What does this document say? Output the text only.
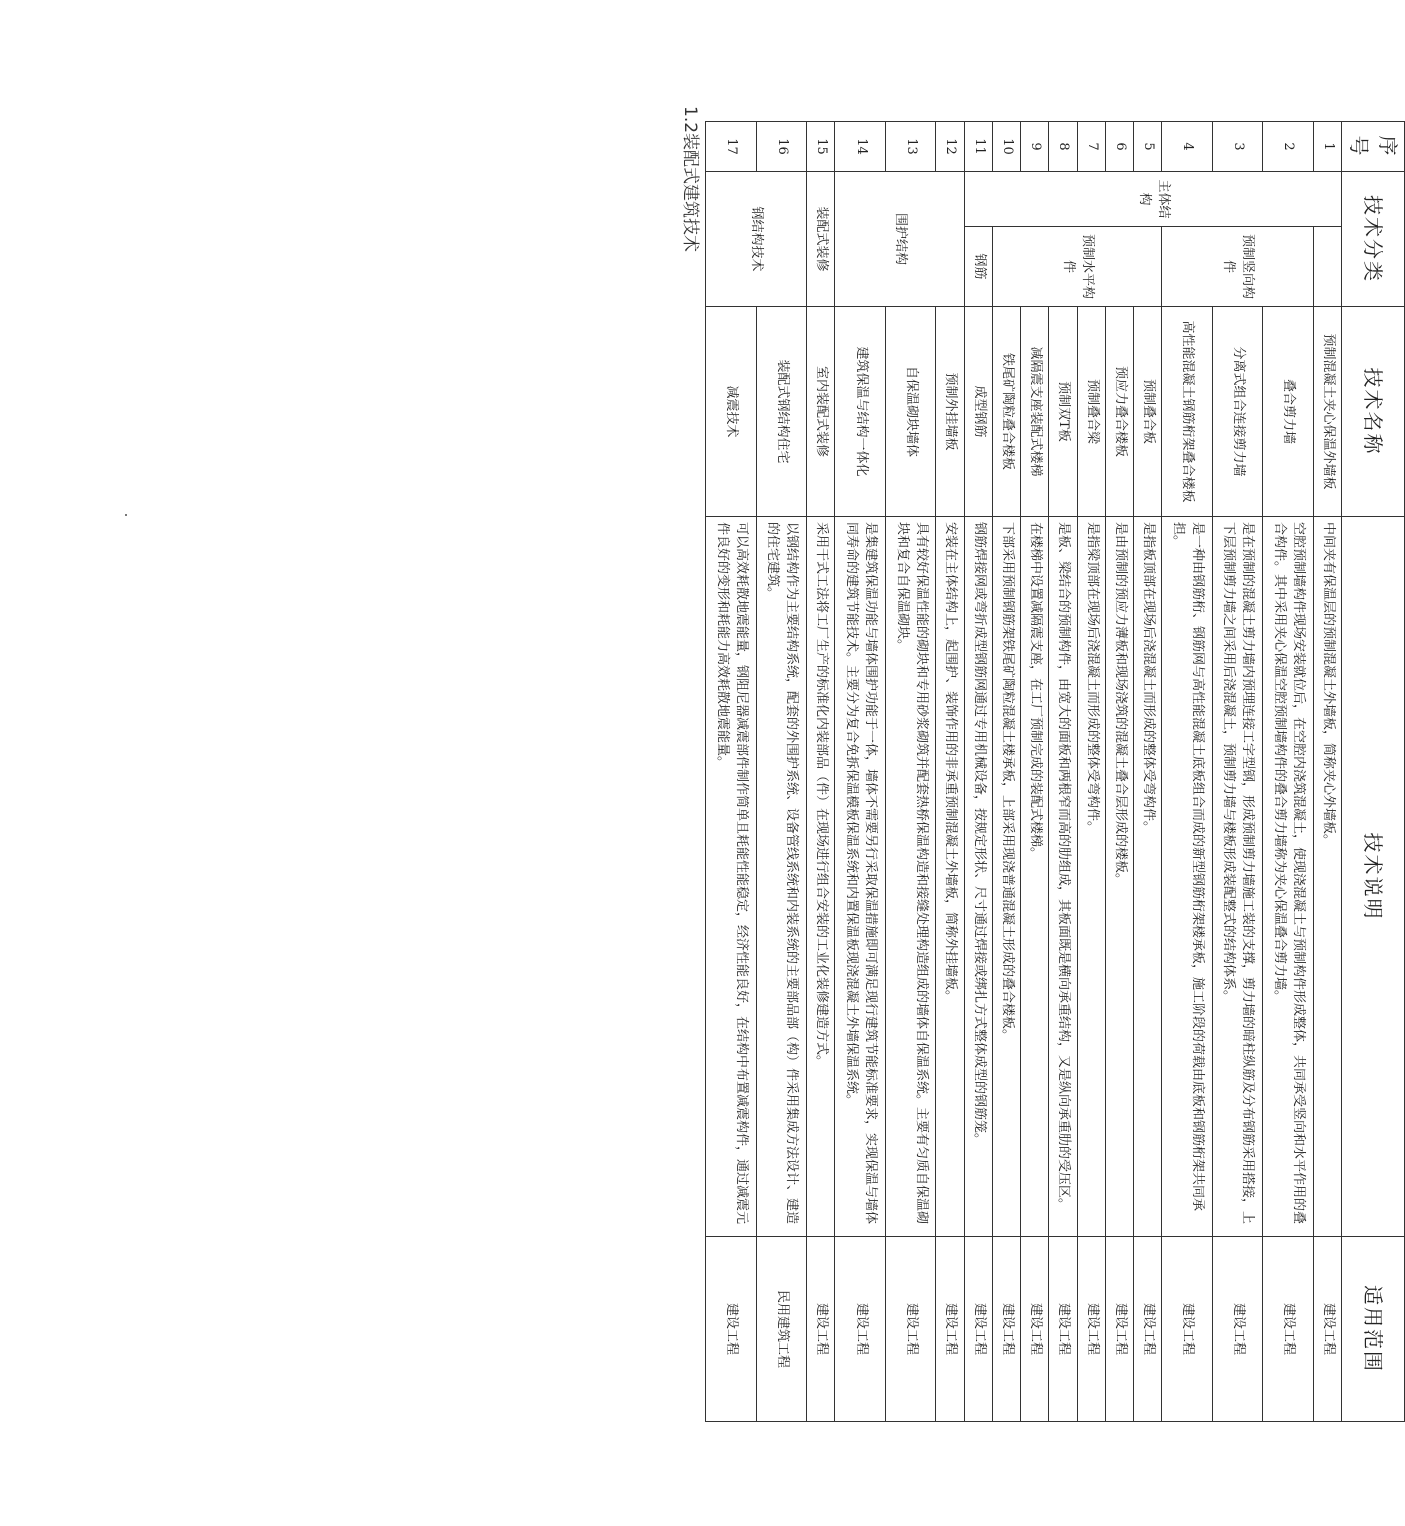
1.2装配式建筑技术	序号	技术分类		技术名称	技术说明	适用范围
1	主体结构		预制混凝土夹心保温外墙板	中间夹有保温层的预制混凝土外墙板，简称夹心外墙板。	建设工程
2		预制竖向构件	叠合剪力墙	空腔预制墙构件现场安装就位后，在空腔内浇筑混凝土，使现浇混凝土与预制构件形成整体，共同承受竖向和水平作用的叠合构件。其中采用夹心保温空腔预制墙构件的叠合剪力墙称为夹心保温叠合剪力墙。	建设工程
3			分离式组合连接剪力墙	是在预制的混凝土剪力墙内预埋连接工字型钢，形成预制剪力墙施工装的支撑，剪力墙的暗柱纵筋及分布钢筋采用搭接，上下层预制剪力墙之间采用后浇混凝土，预制剪力墙与楼板形成装配整式的结构体系。	建设工程
4			高性能混凝土钢筋桁架叠合楼板	是一种由钢筋桁、钢筋网与高性能混凝土底板组合而成的新型钢筋桁架楼承板，施工阶段的荷载由底板和钢筋桁架共同承担。	建设工程
5		预制水平构件	预制叠合板	是指板顶部在现场后浇混凝土而形成的整体受弯构件。	建设工程
6			预应力叠合楼板	是由预制的预应力薄板和现场浇筑的混凝土叠合层形成的楼板。	建设工程
7			预制叠合梁	是指梁顶部在现场后浇混凝土而形成的整体受弯构件。	建设工程
8			预制双T板	是板、梁结合的预制构件，由宽大的面板和两根窄而高的肋组成，其板面既是横向承重结构，又是纵向承重肋的受压区。	建设工程
9			减隔震支座装配式楼梯	在楼梯中设置减隔震支座，在工厂预制完成的装配式楼梯。	建设工程
10			铁尾矿陶粒叠合楼板	下部采用预制钢筋架铁尾矿陶粒混凝土楼承板，上部采用现浇普通混凝土形成的叠合楼板。	建设工程
11		钢筋	成型钢筋	钢筋焊接网或弯折成型钢筋网通过专用机械设备，按规定形状、尺寸通过焊接或绑扎方式整体成型的钢筋笼。	建设工程
12	围护结构		预制外挂墙板	安装在主体结构上，起围护、装饰作用的非承重预制混凝土外墙板，简称外挂墙板。	建设工程
13			自保温砌块墙体	具有较好保温性能的砌块和专用砂浆砌筑并配套热桥保温构造和接缝处理构造组成的墙体自保温系统。主要有匀质自保温砌块和复合自保温砌块。	建设工程
14			建筑保温与结构一体化	是集建筑保温功能与墙体围护功能于一体，墙体不需要另行采取保温措施即可满足现行建筑节能标准要求，实现保温与墙体同寿命的建筑节能技术。主要分为复合免拆保温模板保温系统和内置保温板现浇混凝土外墙保温系统。	建设工程
15	装配式装修		室内装配式装修	采用干式工法将工厂生产的标准化内装部品（件）在现场进行组合安装的工业化装修建造方式。	建设工程
16	钢结构技术		装配式钢结构住宅	以钢结构作为主要结构系统，配套的外围护系统、设备管线系统和内装系统的主要部品部（构）件采用集成方法设计、建造的住宅建筑。	民用建筑工程
17			减震技术	可以高效耗散地震能量，钢阻尼器减震部件制作简单且耗能性能稳定，经济性能良好，在结构中布置减震构件，通过减震元件良好的变形和耗能力高效耗散地震能量。	建设工程
